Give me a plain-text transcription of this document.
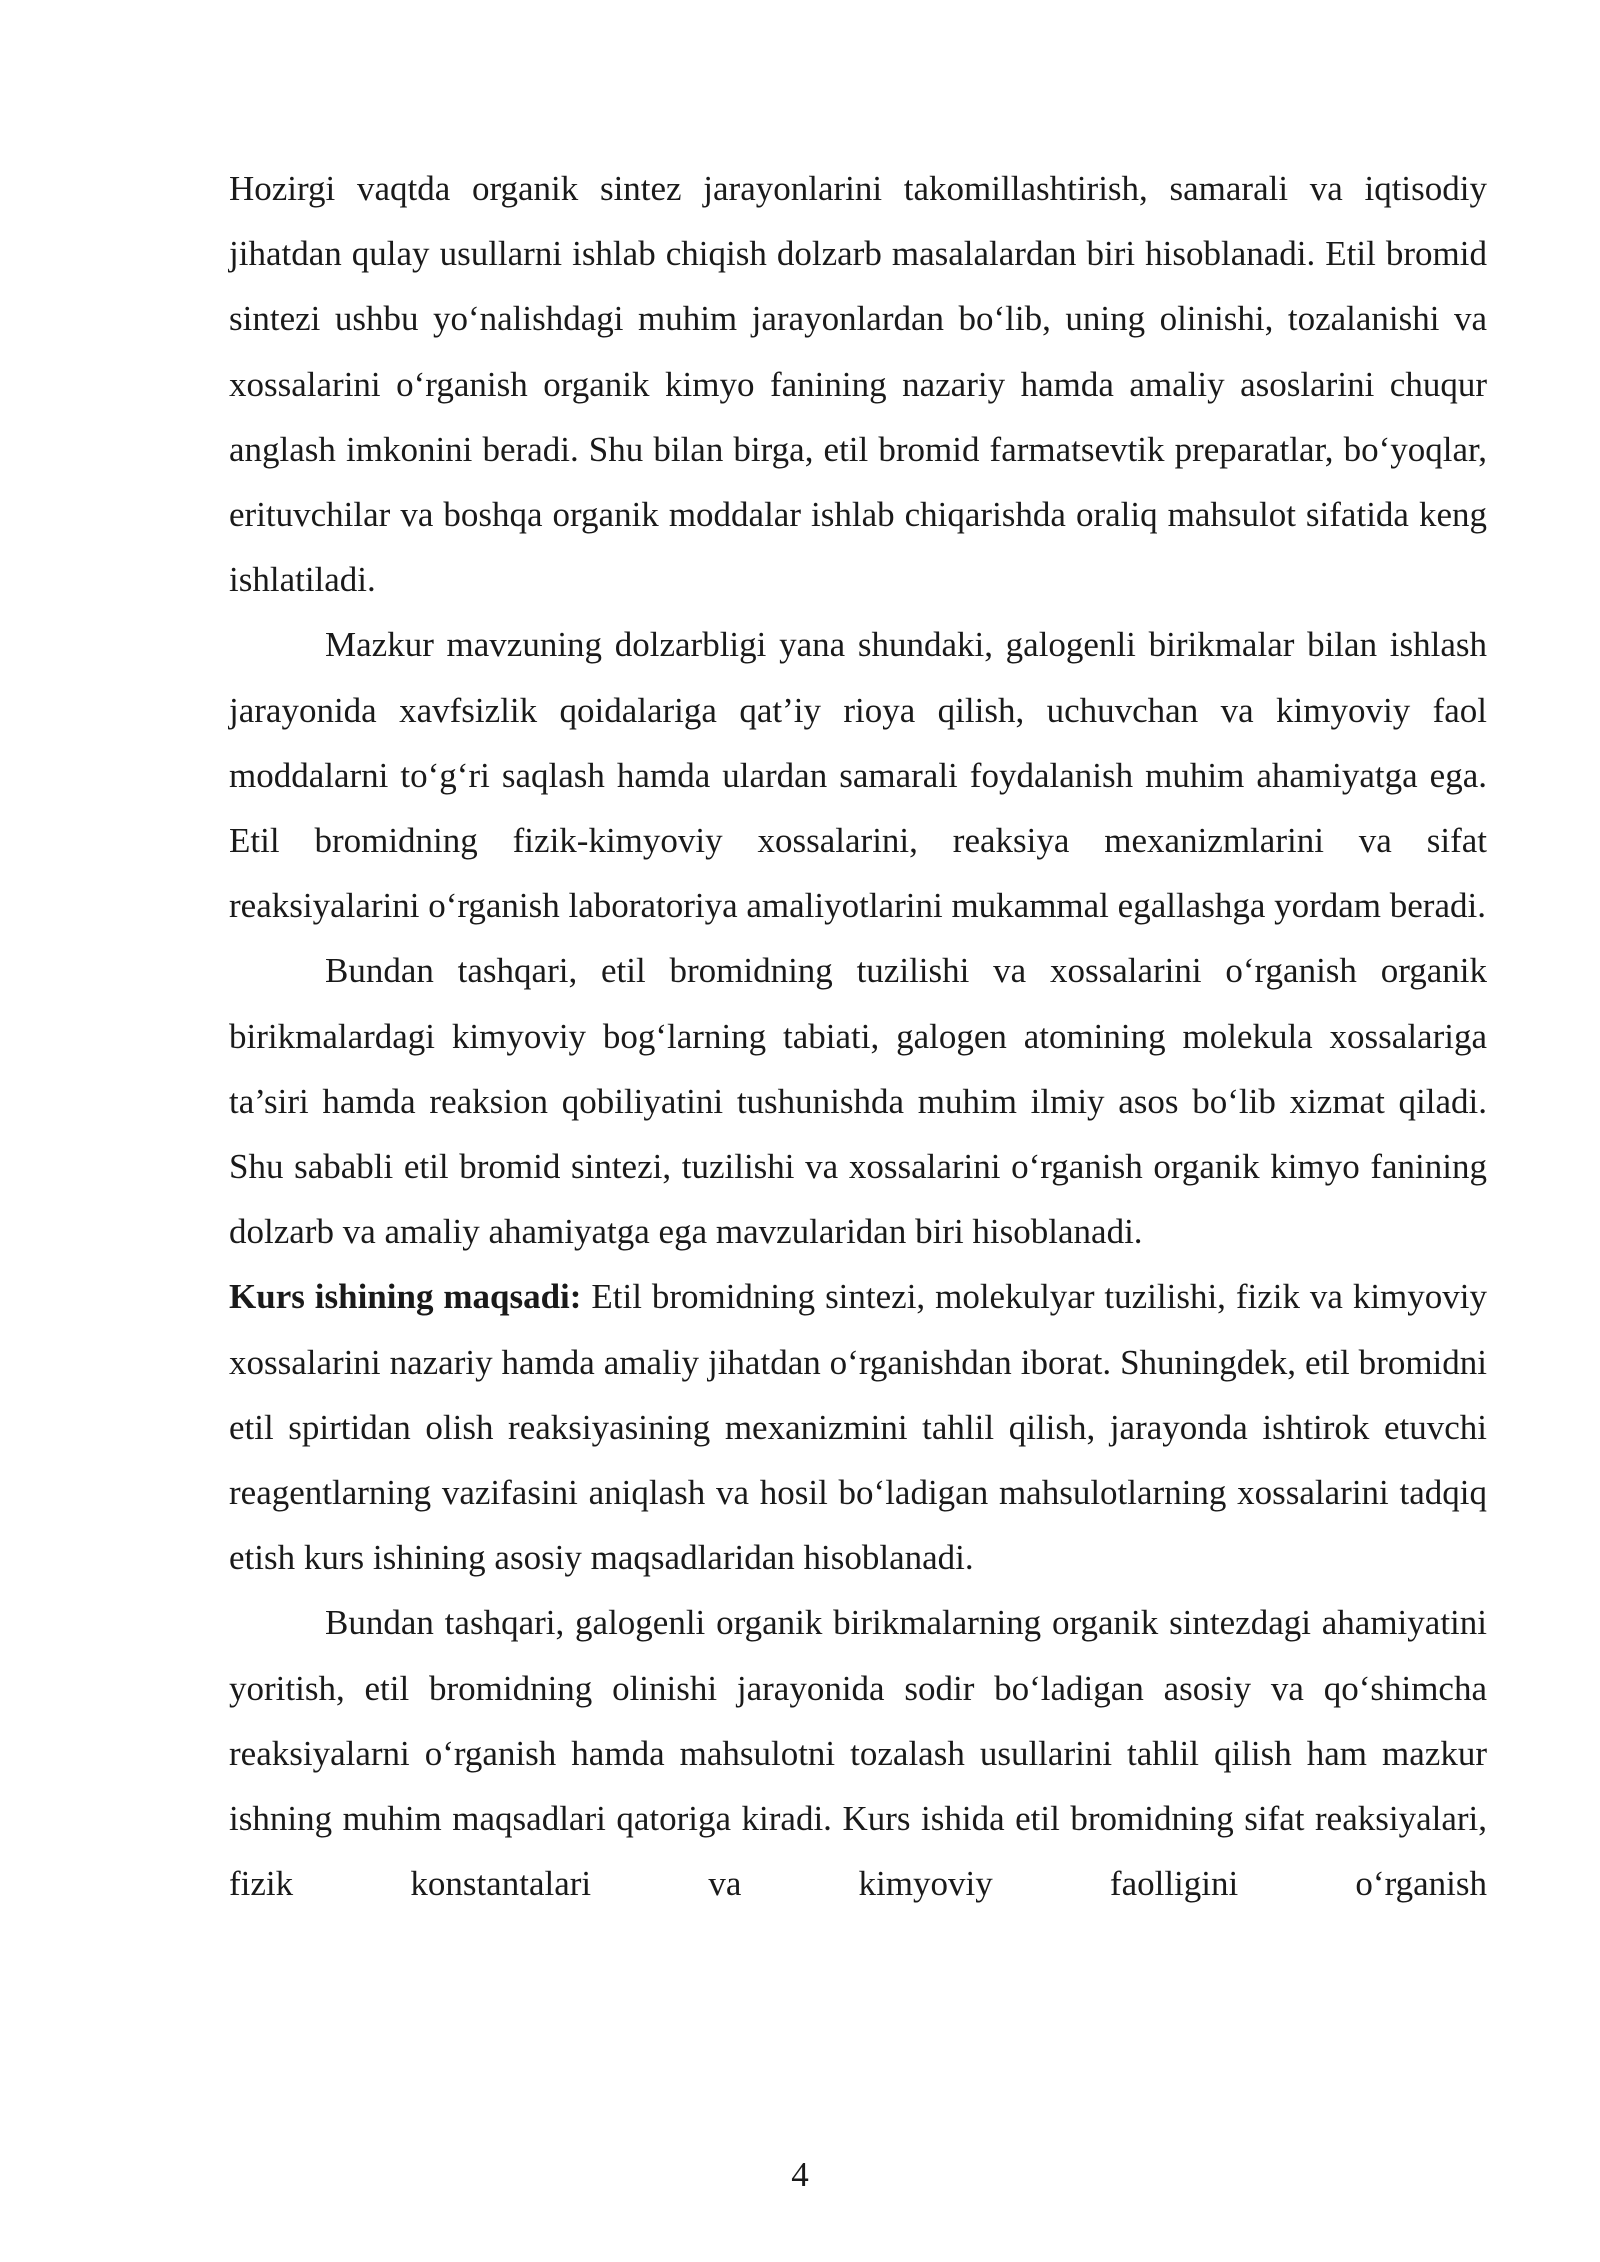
Hozirgi vaqtda organik sintez jarayonlarini takomillashtirish, samarali va iqtisodiy jihatdan qulay usullarni ishlab chiqish dolzarb masalalardan biri hisoblanadi. Etil bromid sintezi ushbu yo‘nalishdagi muhim jarayonlardan bo‘lib, uning olinishi, tozalanishi va xossalarini o‘rganish organik kimyo fanining nazariy hamda amaliy asoslarini chuqur anglash imkonini beradi. Shu bilan birga, etil bromid farmatsevtik preparatlar, bo‘yoqlar, erituvchilar va boshqa organik moddalar ishlab chiqarishda oraliq mahsulot sifatida keng ishlatiladi.

Mazkur mavzuning dolzarbligi yana shundaki, galogenli birikmalar bilan ishlash jarayonida xavfsizlik qoidalariga qat’iy rioya qilish, uchuvchan va kimyoviy faol moddalarni to‘g‘ri saqlash hamda ulardan samarali foydalanish muhim ahamiyatga ega. Etil bromidning fizik-kimyoviy xossalarini, reaksiya mexanizmlarini va sifat reaksiyalarini o‘rganish laboratoriya amaliyotlarini mukammal egallashga yordam beradi.

Bundan tashqari, etil bromidning tuzilishi va xossalarini o‘rganish organik birikmalardagi kimyoviy bog‘larning tabiati, galogen atomining molekula xossalariga ta’siri hamda reaksion qobiliyatini tushunishda muhim ilmiy asos bo‘lib xizmat qiladi. Shu sababli etil bromid sintezi, tuzilishi va xossalarini o‘rganish organik kimyo fanining dolzarb va amaliy ahamiyatga ega mavzularidan biri hisoblanadi.

Kurs ishining maqsadi: Etil bromidning sintezi, molekulyar tuzilishi, fizik va kimyoviy xossalarini nazariy hamda amaliy jihatdan o‘rganishdan iborat. Shuningdek, etil bromidni etil spirtidan olish reaksiyasining mexanizmini tahlil qilish, jarayonda ishtirok etuvchi reagentlarning vazifasini aniqlash va hosil bo‘ladigan mahsulotlarning xossalarini tadqiq etish kurs ishining asosiy maqsadlaridan hisoblanadi.

Bundan tashqari, galogenli organik birikmalarning organik sintezdagi ahamiyatini yoritish, etil bromidning olinishi jarayonida sodir bo‘ladigan asosiy va qo‘shimcha reaksiyalarni o‘rganish hamda mahsulotni tozalash usullarini tahlil qilish ham mazkur ishning muhim maqsadlari qatoriga kiradi. Kurs ishida etil bromidning sifat reaksiyalari, fizik konstantalari va kimyoviy faolligini o‘rganish

4
